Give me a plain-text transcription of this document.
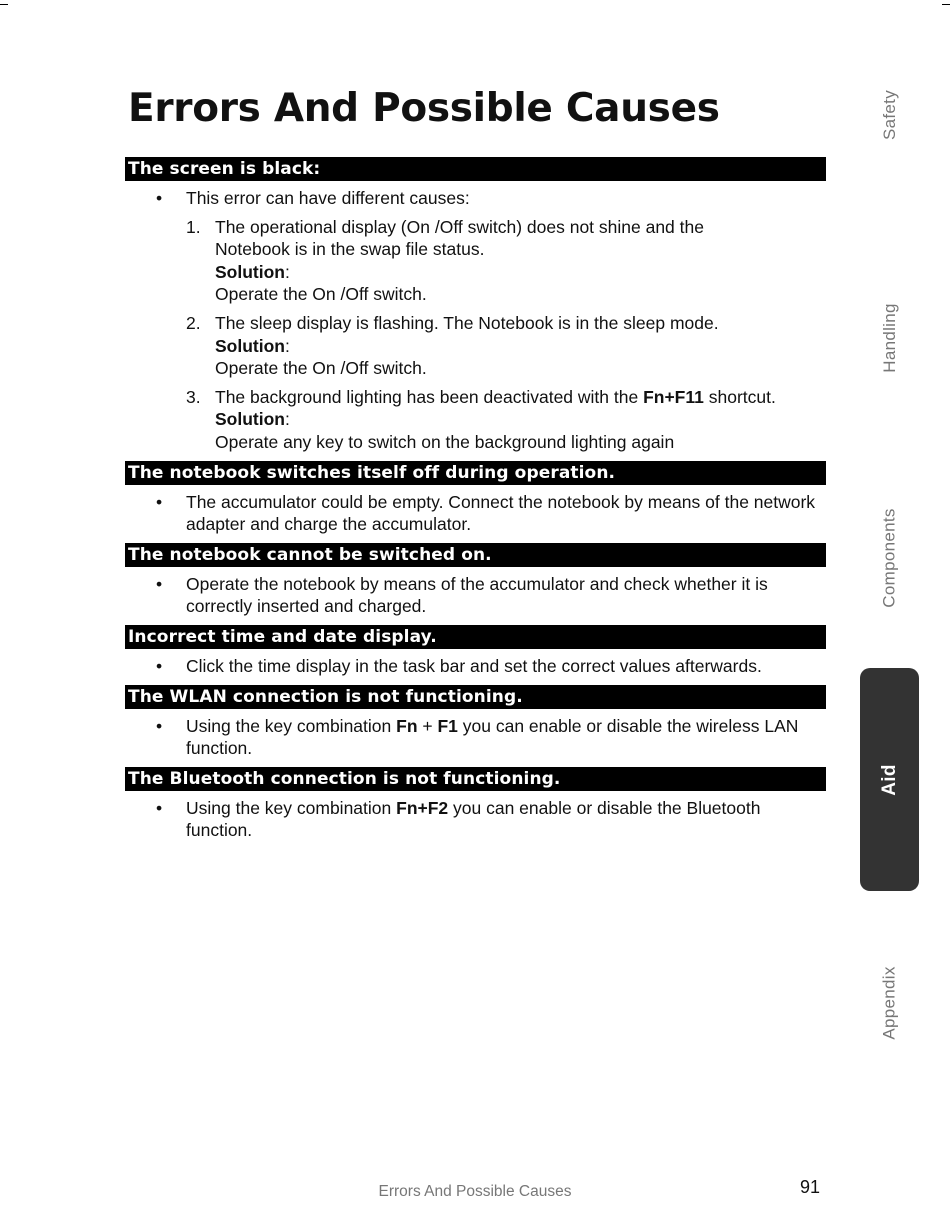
Errors And Possible Causes
The screen is black:
• This error can have different causes:
1. The operational display (On /Off switch) does not shine and the
Notebook is in the swap file status.
Solution:
Operate the On /Off switch.
2. The sleep display is flashing. The Notebook is in the sleep mode.
Solution:
Operate the On /Off switch.
3. The background lighting has been deactivated with the Fn+F11 shortcut.
Solution:
Operate any key to switch on the background lighting again
The notebook switches itself off during operation.
• The accumulator could be empty. Connect the notebook by means of the network adapter and charge the accumulator.
The notebook cannot be switched on.
• Operate the notebook by means of the accumulator and check whether it is correctly inserted and charged.
Incorrect time and date display.
• Click the time display in the task bar and set the correct values afterwards.
The WLAN connection is not functioning.
• Using the key combination Fn + F1 you can enable or disable the wireless LAN function.
The Bluetooth connection is not functioning.
• Using the key combination Fn+F2 you can enable or disable the Bluetooth function.
Safety
Handling
Components
Aid
Appendix
Errors And Possible Causes	91
